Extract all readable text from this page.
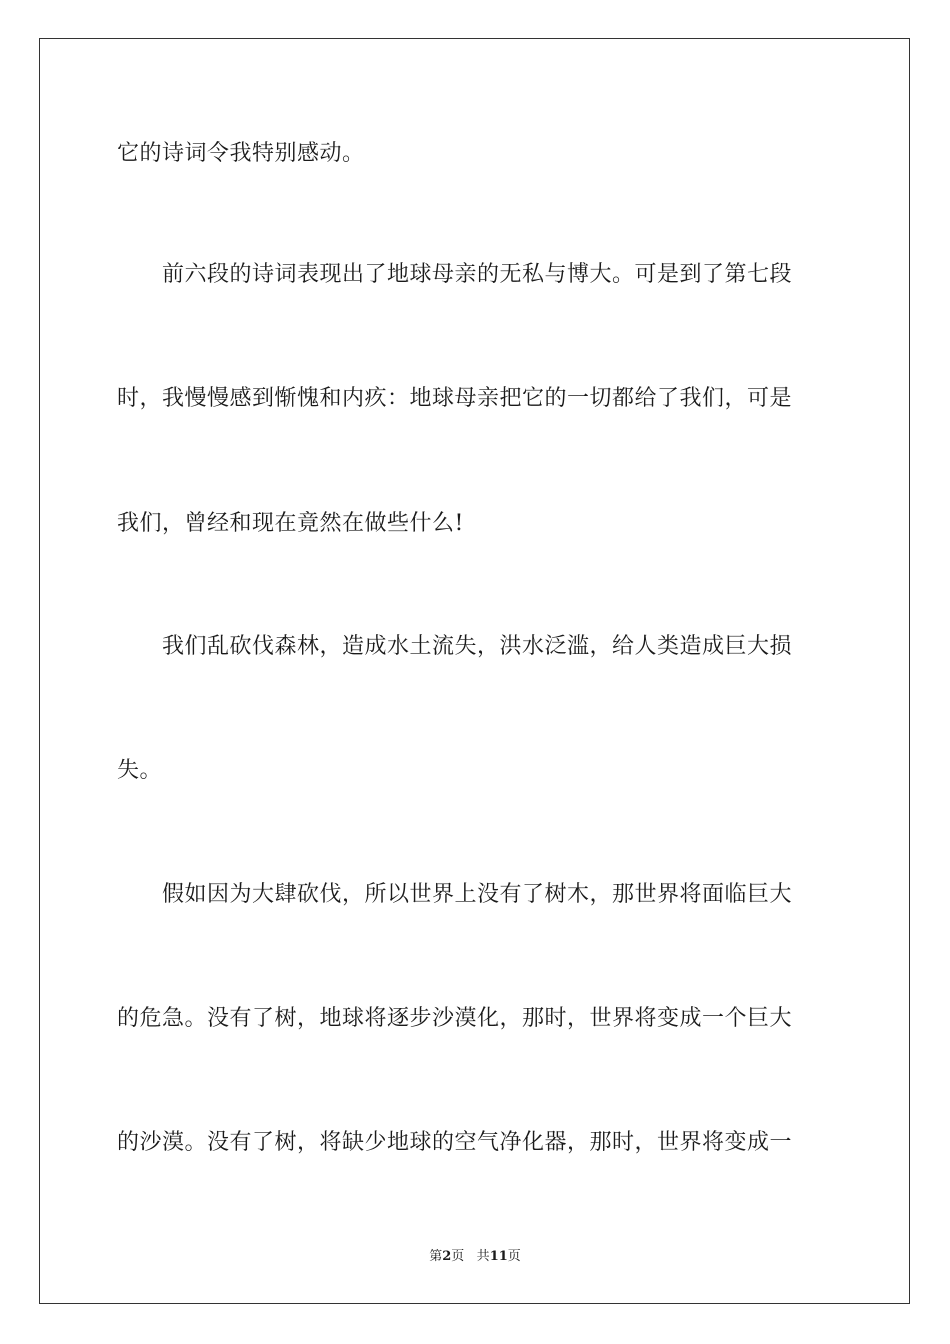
它的诗词令我特别感动。

　　前六段的诗词表现出了地球母亲的无私与博大。可是到了第七段

时，我慢慢感到惭愧和内疚：地球母亲把它的一切都给了我们，可是

我们，曾经和现在竟然在做些什么!

　　我们乱砍伐森林，造成水土流失，洪水泛滥，给人类造成巨大损

失。

　　假如因为大肆砍伐，所以世界上没有了树木，那世界将面临巨大

的危急。没有了树，地球将逐步沙漠化，那时，世界将变成一个巨大

的沙漠。没有了树，将缺少地球的空气净化器，那时，世界将变成一

第2页 共11页
